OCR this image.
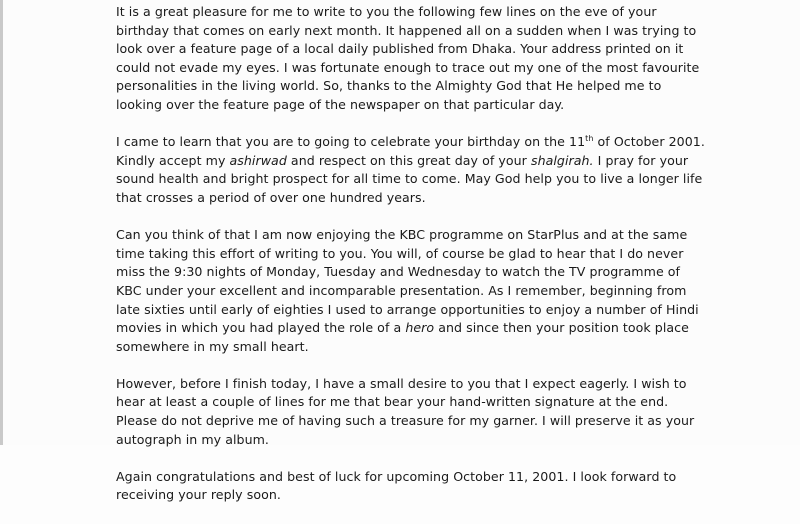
It is a great pleasure for me to write to you the following few lines on the eve of your
birthday that comes on early next month. It happened all on a sudden when I was trying to
look over a feature page of a local daily published from Dhaka. Your address printed on it
could not evade my eyes. I was fortunate enough to trace out my one of the most favourite
personalities in the living world. So, thanks to the Almighty God that He helped me to
looking over the feature page of the newspaper on that particular day.

I came to learn that you are to going to celebrate your birthday on the 11th of October 2001.
Kindly accept my ashirwad and respect on this great day of your shalgirah. I pray for your
sound health and bright prospect for all time to come. May God help you to live a longer life
that crosses a period of over one hundred years.

Can you think of that I am now enjoying the KBC programme on StarPlus and at the same
time taking this effort of writing to you. You will, of course be glad to hear that I do never
miss the 9:30 nights of Monday, Tuesday and Wednesday to watch the TV programme of
KBC under your excellent and incomparable presentation. As I remember, beginning from
late sixties until early of eighties I used to arrange opportunities to enjoy a number of Hindi
movies in which you had played the role of a hero and since then your position took place
somewhere in my small heart.

However, before I finish today, I have a small desire to you that I expect eagerly. I wish to
hear at least a couple of lines for me that bear your hand-written signature at the end.
Please do not deprive me of having such a treasure for my garner. I will preserve it as your
autograph in my album.

Again congratulations and best of luck for upcoming October 11, 2001. I look forward to
receiving your reply soon.
